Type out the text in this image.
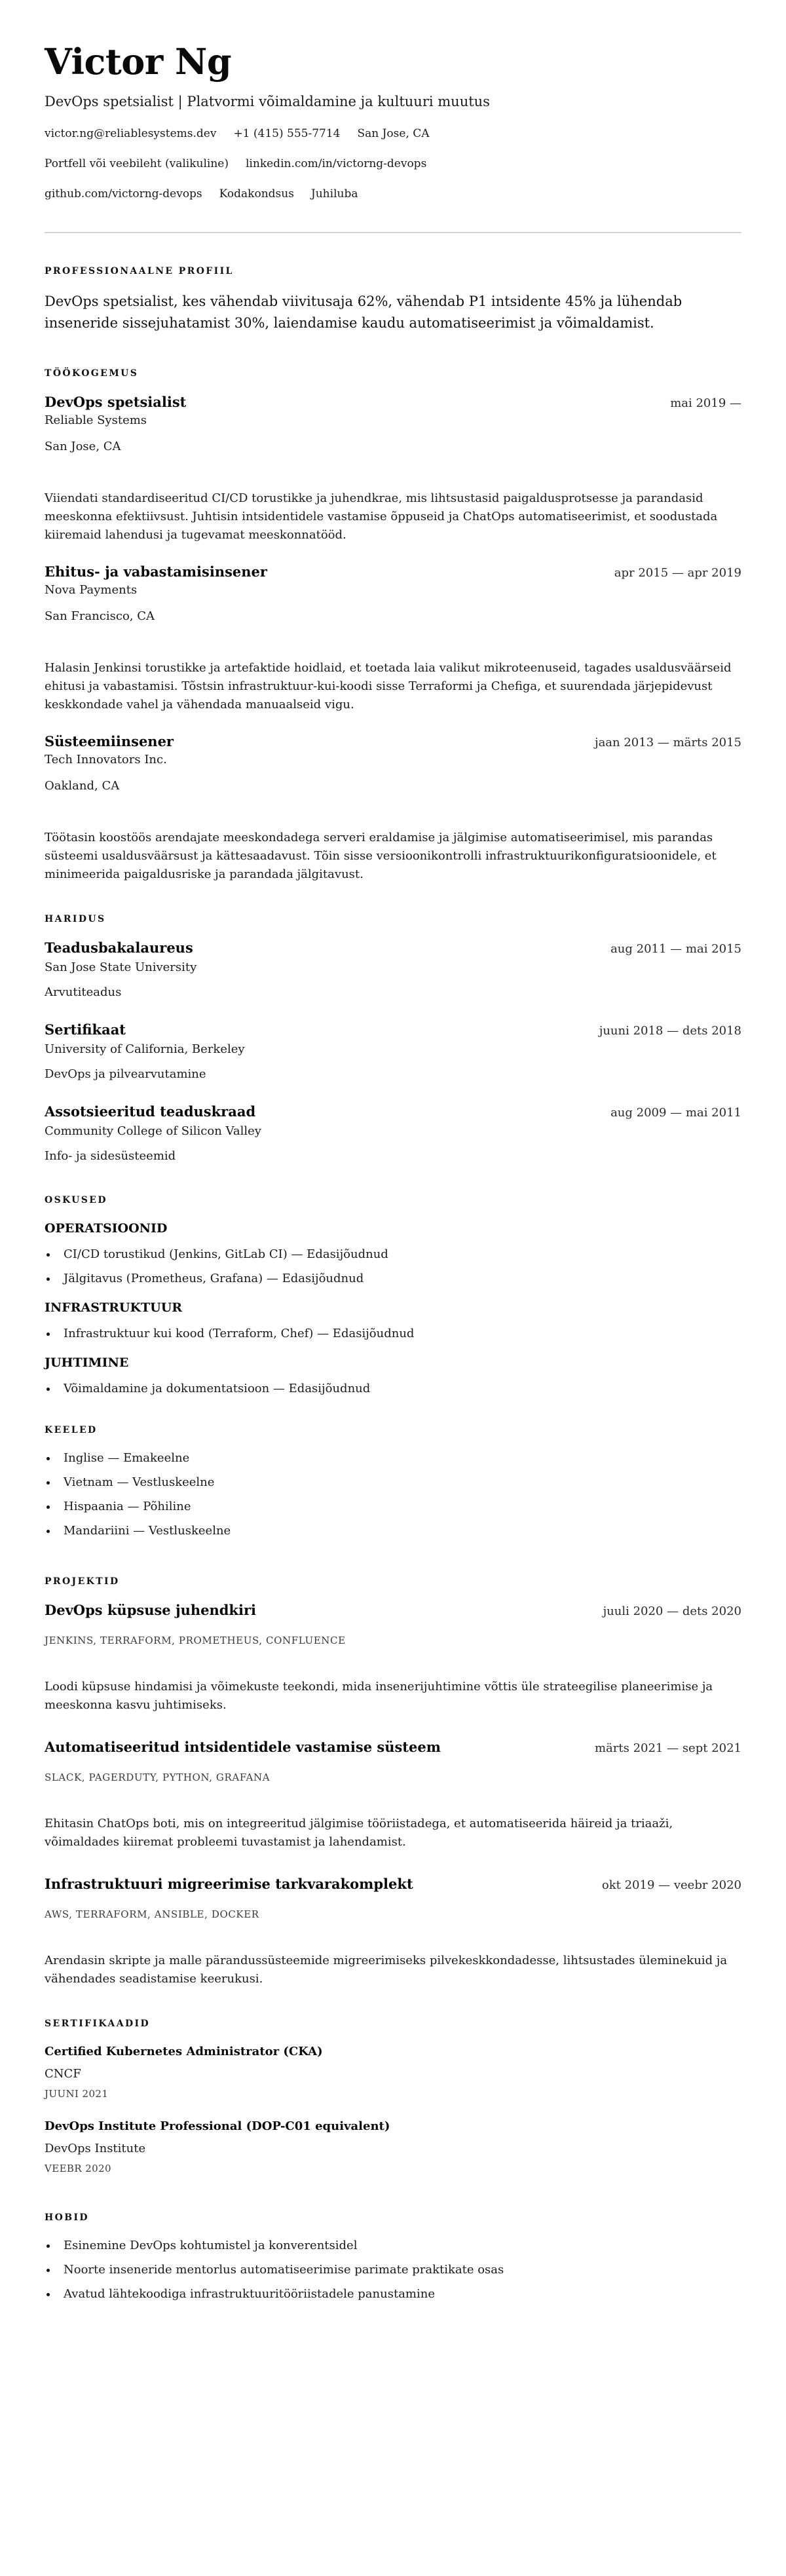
Victor Ng
DevOps spetsialist | Platvormi võimaldamine ja kultuuri muutus
victor.ng@reliablesystems.dev +1 (415) 555-7714 San Jose, CA
Portfell või veebileht (valikuline) linkedin.com/in/victorng-devops
github.com/victorng-devops Kodakondsus Juhiluba
PROFESSIONAALNE PROFIIL

DevOps spetsialist, kes vähendab viivitusaja 62%, vähendab P1 intsidente 45% ja lühendab inseneride sissejuhatamist 30%, laiendamise kaudu automatiseerimist ja võimaldamist.

TÖÖKOGEMUS
DevOps spetsialist	mai 2019 —
Reliable Systems
San Jose, CA

Viiendati standardiseeritud CI/CD torustikke ja juhendkrae, mis lihtsustasid paigaldusprotsesse ja parandasid meeskonna efektiivsust. Juhtisin intsidentidele vastamise õppuseid ja ChatOps automatiseerimist, et soodustada kiiremaid lahendusi ja tugevamat meeskonnatööd.

Ehitus- ja vabastamisinsener	apr 2015 — apr 2019
Nova Payments
San Francisco, CA

Halasin Jenkinsi torustikke ja artefaktide hoidlaid, et toetada laia valikut mikroteenuseid, tagades usaldusväärseid ehitusi ja vabastamisi. Tõstsin infrastruktuur-kui-koodi sisse Terraformi ja Chefiga, et suurendada järjepidevust keskkondade vahel ja vähendada manuaalseid vigu.

Süsteemiinsener	jaan 2013 — märts 2015
Tech Innovators Inc.
Oakland, CA

Töötasin koostöös arendajate meeskondadega serveri eraldamise ja jälgimise automatiseerimisel, mis parandas süsteemi usaldusväärsust ja kättesaadavust. Tõin sisse versioonikontrolli infrastruktuurikonfiguratsioonidele, et minimeerida paigaldusriske ja parandada jälgitavust.

HARIDUS
Teadusbakalaureus	aug 2011 — mai 2015
San Jose State University
Arvutiteadus
Sertifikaat	juuni 2018 — dets 2018
University of California, Berkeley
DevOps ja pilvearvutamine
Assotsieeritud teaduskraad	aug 2009 — mai 2011
Community College of Silicon Valley
Info- ja sidesüsteemid
OSKUSED
OPERATSIOONID
CI/CD torustikud (Jenkins, GitLab CI) — Edasijõudnud
Jälgitavus (Prometheus, Grafana) — Edasijõudnud
INFRASTRUKTUUR
Infrastruktuur kui kood (Terraform, Chef) — Edasijõudnud
JUHTIMINE
Võimaldamine ja dokumentatsioon — Edasijõudnud
KEELED
Inglise — Emakeelne
Vietnam — Vestluskeelne
Hispaania — Põhiline
Mandariini — Vestluskeelne
PROJEKTID
DevOps küpsuse juhendkiri	juuli 2020 — dets 2020
JENKINS, TERRAFORM, PROMETHEUS, CONFLUENCE

Loodi küpsuse hindamisi ja võimekuste teekondi, mida insenerijuhtimine võttis üle strateegilise planeerimise ja meeskonna kasvu juhtimiseks.

Automatiseeritud intsidentidele vastamise süsteem	märts 2021 — sept 2021
SLACK, PAGERDUTY, PYTHON, GRAFANA

Ehitasin ChatOps boti, mis on integreeritud jälgimise tööriistadega, et automatiseerida häireid ja triaaži, võimaldades kiiremat probleemi tuvastamist ja lahendamist.

Infrastruktuuri migreerimise tarkvarakomplekt	okt 2019 — veebr 2020
AWS, TERRAFORM, ANSIBLE, DOCKER

Arendasin skripte ja malle pärandussüsteemide migreerimiseks pilvekeskkondadesse, lihtsustades üleminekuid ja vähendades seadistamise keerukusi.

SERTIFIKAADID
Certified Kubernetes Administrator (CKA)
CNCF
JUUNI 2021
DevOps Institute Professional (DOP-C01 equivalent)
DevOps Institute
VEEBR 2020
HOBID
Esinemine DevOps kohtumistel ja konverentsidel
Noorte inseneride mentorlus automatiseerimise parimate praktikate osas
Avatud lähtekoodiga infrastruktuuritööriistadele panustamine
